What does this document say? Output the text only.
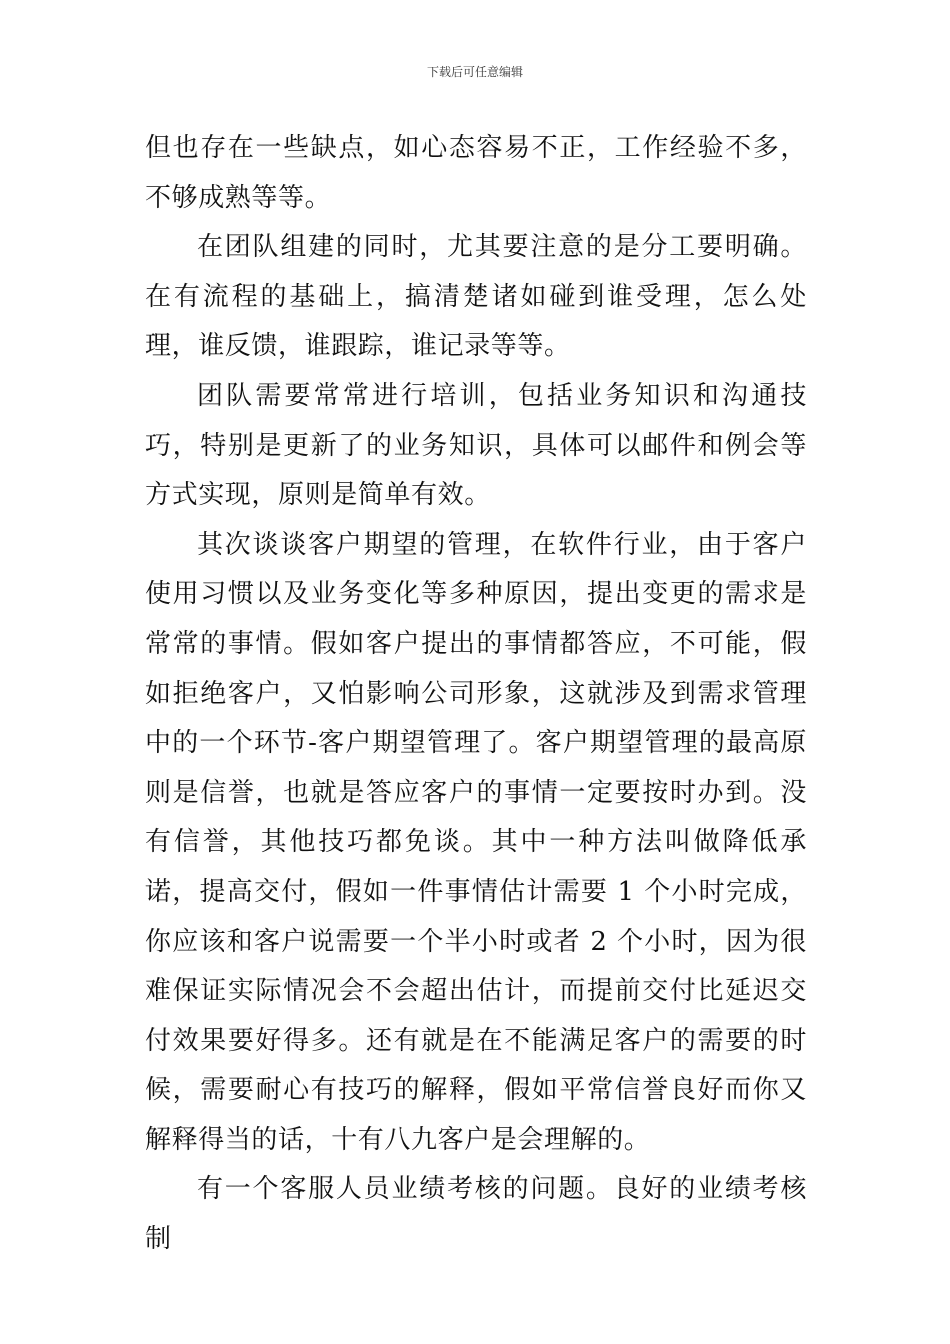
下载后可任意编辑

但也存在一些缺点，如心态容易不正，工作经验不多，不够成熟等等。

在团队组建的同时，尤其要注意的是分工要明确。在有流程的基础上，搞清楚诸如碰到谁受理，怎么处理，谁反馈，谁跟踪，谁记录等等。

团队需要常常进行培训，包括业务知识和沟通技巧，特别是更新了的业务知识，具体可以邮件和例会等方式实现，原则是简单有效。

其次谈谈客户期望的管理，在软件行业，由于客户使用习惯以及业务变化等多种原因，提出变更的需求是常常的事情。假如客户提出的事情都答应，不可能，假如拒绝客户，又怕影响公司形象，这就涉及到需求管理中的一个环节-客户期望管理了。客户期望管理的最高原则是信誉，也就是答应客户的事情一定要按时办到。没有信誉，其他技巧都免谈。其中一种方法叫做降低承诺，提高交付，假如一件事情估计需要 1 个小时完成，你应该和客户说需要一个半小时或者 2 个小时，因为很难保证实际情况会不会超出估计，而提前交付比延迟交付效果要好得多。还有就是在不能满足客户的需要的时候，需要耐心有技巧的解释，假如平常信誉良好而你又解释得当的话，十有八九客户是会理解的。

有一个客服人员业绩考核的问题。良好的业绩考核制
